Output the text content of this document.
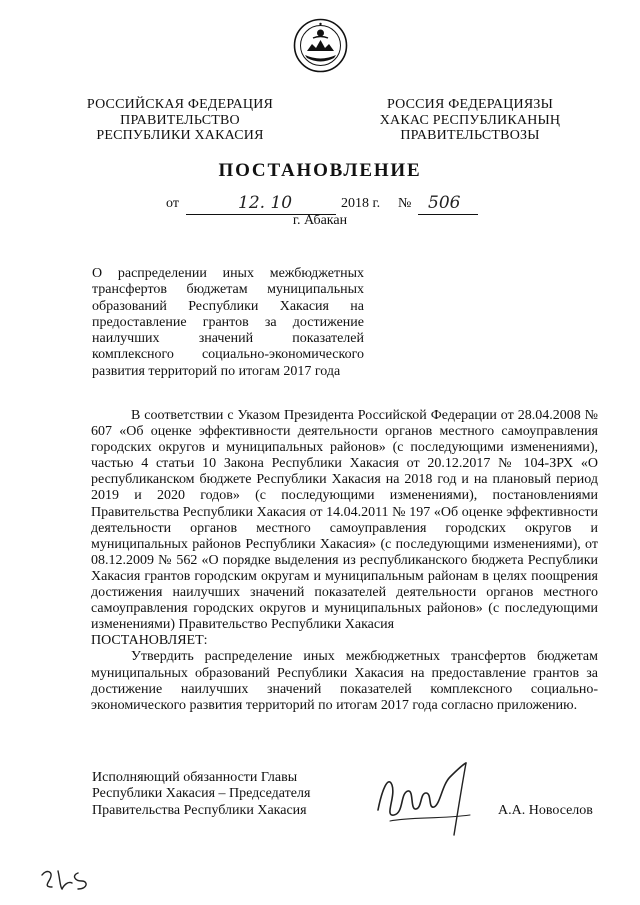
РОССИЙСКАЯ ФЕДЕРАЦИЯ
ПРАВИТЕЛЬСТВО
РЕСПУБЛИКИ ХАКАСИЯ
РОССИЯ ФЕДЕРАЦИЯЗЫ
ХАКАС РЕСПУБЛИКАНЫҢ
ПРАВИТЕЛЬСТВОЗЫ
ПОСТАНОВЛЕНИЕ
от	12. 10	2018 г. № 506
г. Абакан
О распределении иных межбюджетных трансфертов бюджетам муниципальных образований Республики Хакасия на предоставление грантов за достижение наилучших значений показателей комплексного социально-экономического развития территорий по итогам 2017 года

В соответствии с Указом Президента Российской Федерации от 28.04.2008 № 607 «Об оценке эффективности деятельности органов местного самоуправления городских округов и муниципальных районов» (с последующими изменениями), частью 4 статьи 10 Закона Республики Хакасия от 20.12.2017 № 104-ЗРХ «О республиканском бюджете Республики Хакасия на 2018 год и на плановый период 2019 и 2020 годов» (с последующими изменениями), постановлениями Правительства Республики Хакасия от 14.04.2011 № 197 «Об оценке эффективности деятельности органов местного самоуправления городских округов и муниципальных районов Республики Хакасия» (с последующими изменениями), от 08.12.2009 № 562 «О порядке выделения из республиканского бюджета Республики Хакасия грантов городским округам и муниципальным районам в целях поощрения достижения наилучших значений показателей деятельности органов местного самоуправления городских округов и муниципальных районов» (с последующими изменениями) Правительство Республики Хакасия

ПОСТАНОВЛЯЕТ:

Утвердить распределение иных межбюджетных трансфертов бюджетам муниципальных образований Республики Хакасия на предоставление грантов за достижение наилучших значений показателей комплексного социально-экономического развития территорий по итогам 2017 года согласно приложению.

Исполняющий обязанности Главы
Республики Хакасия – Председателя
Правительства Республики Хакасия	А.А. Новоселов
